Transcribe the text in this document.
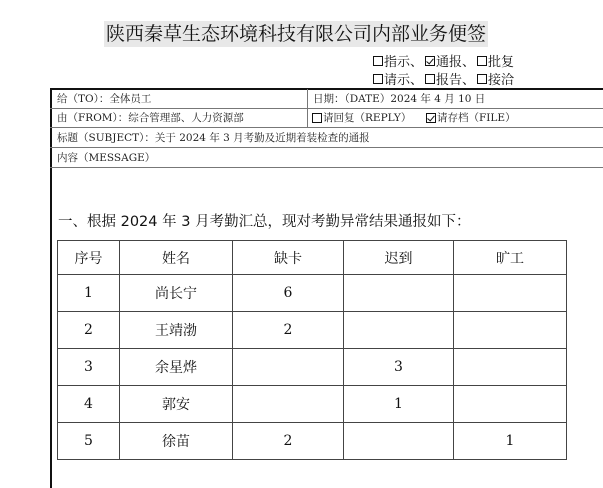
陕西秦草生态环境科技有限公司内部业务便签
指示、 通报、 批复
请示、 报告、 接洽
给（TO）：全体员工	日期：（DATE）2024 年 4 月 10 日
由（FROM）：综合管理部、人力资源部	请回复（REPLY） 请存档（FILE）
标题（SUBJECT）：关于 2024 年 3 月考勤及近期着装检查的通报
内容（MESSAGE）
一、根据 2024 年 3 月考勤汇总，现对考勤异常结果通报如下：
序号	姓名	缺卡	迟到	旷工
1	尚长宁	6		
2	王靖渤	2		
3	余星烨		3	
4	郭安		1	
5	徐苗	2		1
